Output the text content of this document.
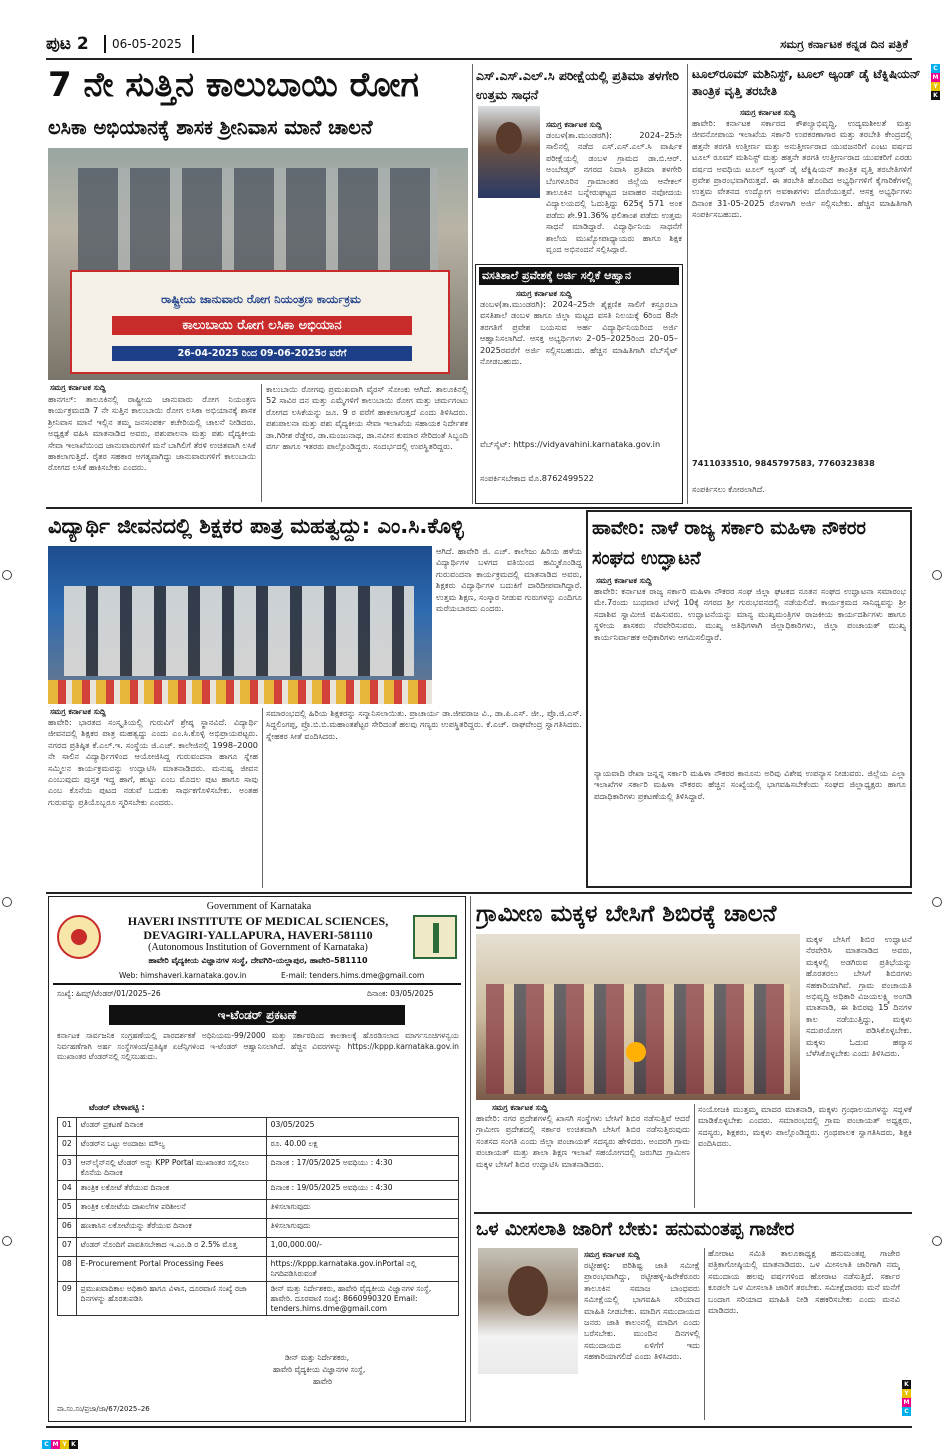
C
M
Y
K
K
Y
M
C
C M Y K
ಪುಟ 2 06-05-2025	ಸಮಗ್ರ ಕರ್ನಾಟಕ ಕನ್ನಡ ದಿನ ಪತ್ರಿಕೆ
7 ನೇ ಸುತ್ತಿನ ಕಾಲುಬಾಯಿ ರೋಗ
ಲಸಿಕಾ ಅಭಿಯಾನಕ್ಕೆ ಶಾಸಕ ಶ್ರೀನಿವಾಸ ಮಾನೆ ಚಾಲನೆ
ರಾಷ್ಟ್ರೀಯ ಜಾನುವಾರು ರೋಗ ನಿಯಂತ್ರಣ ಕಾರ್ಯಕ್ರಮ
ಕಾಲುಬಾಯಿ ರೋಗ ಲಸಿಕಾ ಅಭಿಯಾನ
26-04-2025 ರಿಂದ 09-06-2025ರ ವರೆಗೆ
ಸಮಗ್ರ ಕರ್ನಾಟಕ ಸುದ್ದಿ
ಹಾನಗಲ್: ತಾಲೂಕಿನಲ್ಲಿ ರಾಷ್ಟ್ರೀಯ ಜಾನುವಾರು ರೋಗ ನಿಯಂತ್ರಣ ಕಾರ್ಯಕ್ರಮದಡಿ 7 ನೇ ಸುತ್ತಿನ ಕಾಲುಬಾಯಿ ರೋಗ ಲಸಿಕಾ ಅಭಿಯಾನಕ್ಕೆ ಶಾಸಕ ಶ್ರೀನಿವಾಸ ಮಾನೆ ಇಲ್ಲಿನ ತಮ್ಮ ಜನಸಂಪರ್ಕ ಕಚೇರಿಯಲ್ಲಿ ಚಾಲನೆ ನೀಡಿದರು. ಅಧ್ಯಕ್ಷತೆ ವಹಿಸಿ ಮಾತನಾಡಿದ ಅವರು, ಪಶುಪಾಲನಾ ಮತ್ತು ಪಶು ವೈದ್ಯಕೀಯ ಸೇವಾ ಇಲಾಖೆಯಿಂದ ಜಾನುವಾರುಗಳಿಗೆ ಮನೆ ಬಾಗಿಲಿಗೆ ತೆರಳಿ ಉಚಿತವಾಗಿ ಲಸಿಕೆ ಹಾಕಲಾಗುತ್ತಿದೆ. ರೈತರ ಸಹಕಾರ ಅಗತ್ಯವಾಗಿದ್ದು ಜಾನುವಾರುಗಳಿಗೆ ಕಾಲುಬಾಯಿ ರೋಗದ ಲಸಿಕೆ ಹಾಕಿಸಬೇಕು ಎಂದರು.
ಕಾಲುಬಾಯಿ ರೋಗವು ಪ್ರಮುಖವಾಗಿ ವೈರಸ್ ಸೋಂಕು ಆಗಿದೆ. ತಾಲೂಕಿನಲ್ಲಿ 52 ಸಾವಿರ ದನ ಮತ್ತು ಎಮ್ಮೆಗಳಿಗೆ ಕಾಲುಬಾಯಿ ರೋಗ ಮತ್ತು ಚರ್ಮಗಂಟು ರೋಗದ ಲಸಿಕೆಯನ್ನು ಜೂ. 9 ರ ವರೆಗೆ ಹಾಕಲಾಗುತ್ತದೆ ಎಂದು ತಿಳಿಸಿದರು. ಪಶುಪಾಲನಾ ಮತ್ತು ಪಶು ವೈದ್ಯಕೀಯ ಸೇವಾ ಇಲಾಖೆಯ ಸಹಾಯಕ ನಿರ್ದೇಶಕ ಡಾ.ಗಿರೀಶ ರೆಡ್ಡೇರ, ಡಾ.ಮಂಜುನಾಥ, ಡಾ.ನವೀನ ಕುಮಾರ ಸೇರಿದಂತೆ ಸಿಬ್ಬಂದಿ ವರ್ಗ ಹಾಗೂ ಇತರರು ಪಾಲ್ಗೊಂಡಿದ್ದರು. ಸಂದರ್ಭದಲ್ಲಿ ಉಪಸ್ಥಿತರಿದ್ದರು.
ಎಸ್.ಎಸ್.ಎಲ್.ಸಿ ಪರೀಕ್ಷೆಯಲ್ಲಿ ಪ್ರತಿಮಾ ತಳಗೇರಿ ಉತ್ತಮ ಸಾಧನೆ
ಸಮಗ್ರ ಕರ್ನಾಟಕ ಸುದ್ದಿ
ಡಂಬಳ(ತಾ.ಮುಂಡರಗಿ): 2024–25ನೇ ಸಾಲಿನಲ್ಲಿ ನಡೆದ ಎಸ್.ಎಸ್.ಎಲ್.ಸಿ ವಾರ್ಷಿಕ ಪರೀಕ್ಷೆಯಲ್ಲಿ ಡಂಬಳ ಗ್ರಾಮದ ಡಾ.ಬಿ.ಆರ್. ಅಂಬೇಡ್ಕರ್ ನಗರದ ನಿವಾಸಿ ಪ್ರತಿಮಾ ತಳಗೇರಿ ಬೆಂಗಳೂರಿನ ಗ್ರಾಮಾಂತರ ಜಿಲ್ಲೆಯ ಆನೇಕಲ್ ತಾಲೂಕಿನ ಬನ್ನೇರುಘಟ್ಟದ ಜವಾಹರ ನವೋದಯ ವಿದ್ಯಾಲಯದಲ್ಲಿ ಓದುತ್ತಿದ್ದು 625ಕ್ಕೆ 571 ಅಂಕ ಪಡೆದು ಶೇ.91.36% ಫಲಿತಾಂಶ ಪಡೆದು ಉತ್ತಮ ಸಾಧನೆ ಮಾಡಿದ್ದಾರೆ. ವಿದ್ಯಾರ್ಥಿನಿಯ ಸಾಧನೆಗೆ ಶಾಲೆಯ ಮುಖ್ಯೋಪಾಧ್ಯಾಯರು ಹಾಗೂ ಶಿಕ್ಷಕ ವೃಂದ ಅಭಿನಂದನೆ ಸಲ್ಲಿಸಿದ್ದಾರೆ.
ವಸತಿಶಾಲೆ ಪ್ರವೇಶಕ್ಕೆ ಅರ್ಜಿ ಸಲ್ಲಿಕೆ ಆಹ್ವಾನ
ಸಮಗ್ರ ಕರ್ನಾಟಕ ಸುದ್ದಿ
ಡಂಬಳ(ತಾ.ಮುಂಡರಗಿ): 2024–25ನೇ ಶೈಕ್ಷಣಿಕ ಸಾಲಿಗೆ ಕಸ್ತೂರಬಾ ವಸತಿಶಾಲೆ ಡಂಬಳ ಹಾಗೂ ಜಿಲ್ಲಾ ಮಟ್ಟದ ವಸತಿ ನಿಲಯಕ್ಕೆ 6ರಿಂದ 8ನೇ ತರಗತಿಗೆ ಪ್ರವೇಶ ಬಯಸುವ ಅರ್ಹ ವಿದ್ಯಾರ್ಥಿನಿಯರಿಂದ ಅರ್ಜಿ ಆಹ್ವಾನಿಸಲಾಗಿದೆ. ಆಸಕ್ತ ಅಭ್ಯರ್ಥಿಗಳು 2–05–2025ರಿಂದ 20–05–2025ರವರೆಗೆ ಅರ್ಜಿ ಸಲ್ಲಿಸಬಹುದು. ಹೆಚ್ಚಿನ ಮಾಹಿತಿಗಾಗಿ ವೆಬ್‌ಸೈಟ್ ನೋಡಬಹುದು.
ವೆಬ್‌ಸೈಟ್: https://vidyavahini.karnataka.gov.in
ಸಂಪರ್ಕಿಸಬೇಕಾದ ಮೊ.8762499522
ಟೂಲ್‌ರೂಮ್ ಮಶಿನಿಸ್ಟ್, ಟೂಲ್ ಅ್ಯಂಡ್ ಡೈ ಟೆಕ್ನಿಷಿಯನ್ ತಾಂತ್ರಿಕ ವೃತ್ತಿ ತರಬೇತಿ
ಸಮಗ್ರ ಕರ್ನಾಟಕ ಸುದ್ದಿ
ಹಾವೇರಿ: ಕರ್ನಾಟಕ ಸರ್ಕಾರದ ಕೌಶಲ್ಯಾಭಿವೃದ್ಧಿ, ಉದ್ಯಮಶೀಲತೆ ಮತ್ತು ಜೀವನೋಪಾಯ ಇಲಾಖೆಯ ಸರ್ಕಾರಿ ಉಪಕರಣಾಗಾರ ಮತ್ತು ತರಬೇತಿ ಕೇಂದ್ರದಲ್ಲಿ ಹತ್ತನೇ ತರಗತಿ ಉತ್ತೀರ್ಣ ಮತ್ತು ಅನುತ್ತೀರ್ಣರಾದ ಯುವಜನರಿಗೆ ಎಂಟು ವರ್ಷದ ಟೂಲ್ ರೂಮ್ ಮಶಿನಿಸ್ಟ್ ಮತ್ತು ಹತ್ತನೇ ತರಗತಿ ಉತ್ತೀರ್ಣರಾದ ಯುವಕರಿಗೆ ಎರಡು ವರ್ಷದ ಅವಧಿಯ ಟೂಲ್ ಆ್ಯಂಡ್ ಡೈ ಟೆಕ್ನಿಷಿಯನ್ ತಾಂತ್ರಿಕ ವೃತ್ತಿ ತರಬೇತಿಗಳಿಗೆ ಪ್ರವೇಶ ಪ್ರಾರಂಭವಾಗಿರುತ್ತದೆ. ಈ ತರಬೇತಿ ಹೊಂದಿದ ಅಭ್ಯರ್ಥಿಗಳಿಗೆ ಕೈಗಾರಿಕೆಗಳಲ್ಲಿ ಉತ್ತಮ ವೇತನದ ಉದ್ಯೋಗ ಅವಕಾಶಗಳು ದೊರೆಯುತ್ತವೆ. ಆಸಕ್ತ ಅಭ್ಯರ್ಥಿಗಳು ದಿನಾಂಕ 31-05-2025 ರೊಳಗಾಗಿ ಅರ್ಜಿ ಸಲ್ಲಿಸಬೇಕು. ಹೆಚ್ಚಿನ ಮಾಹಿತಿಗಾಗಿ ಸಂಪರ್ಕಿಸಬಹುದು.
7411033510, 9845797583, 7760323838
ಸಂಪರ್ಕಿಸಲು ಕೋರಲಾಗಿದೆ.
ವಿದ್ಯಾರ್ಥಿ ಜೀವನದಲ್ಲಿ ಶಿಕ್ಷಕರ ಪಾತ್ರ ಮಹತ್ವದ್ದು: ಎಂ.ಸಿ.ಕೊಳ್ಳಿ
ಆಗಿದೆ. ಹಾವೇರಿ ಜಿ. ಎಚ್. ಕಾಲೇಜು ಹಿರಿಯ ಹಳೆಯ ವಿದ್ಯಾರ್ಥಿಗಳ ಬಳಗದ ವತಿಯಿಂದ ಹಮ್ಮಿಕೊಂಡಿದ್ದ ಗುರುವಂದನಾ ಕಾರ್ಯಕ್ರಮದಲ್ಲಿ ಮಾತನಾಡಿದ ಅವರು, ಶಿಕ್ಷಕರು ವಿದ್ಯಾರ್ಥಿಗಳ ಬದುಕಿಗೆ ದಾರಿದೀಪವಾಗಿದ್ದಾರೆ. ಉತ್ತಮ ಶಿಕ್ಷಣ, ಸಂಸ್ಕಾರ ನೀಡುವ ಗುರುಗಳನ್ನು ಎಂದಿಗೂ ಮರೆಯಬಾರದು ಎಂದರು.
ಸಮಗ್ರ ಕರ್ನಾಟಕ ಸುದ್ದಿ
ಹಾವೇರಿ: ಭಾರತದ ಸಂಸ್ಕೃತಿಯಲ್ಲಿ ಗುರುವಿಗೆ ಶ್ರೇಷ್ಠ ಸ್ಥಾನವಿದೆ. ವಿದ್ಯಾರ್ಥಿ ಜೀವನದಲ್ಲಿ ಶಿಕ್ಷಕರ ಪಾತ್ರ ಮಹತ್ವದ್ದು ಎಂದು ಎಂ.ಸಿ.ಕೊಳ್ಳಿ ಅಭಿಪ್ರಾಯಪಟ್ಟರು. ನಗರದ ಪ್ರತಿಷ್ಠಿತ ಕೆ.ಎಲ್.ಇ. ಸಂಸ್ಥೆಯ ಜಿ.ಎಚ್. ಕಾಲೇಜಿನಲ್ಲಿ 1998–2000 ನೇ ಸಾಲಿನ ವಿದ್ಯಾರ್ಥಿಗಳಿಂದ ಆಯೋಜಿಸಿದ್ದ ಗುರುವಂದನಾ ಹಾಗೂ ಸ್ನೇಹ ಸಮ್ಮಿಲನ ಕಾರ್ಯಕ್ರಮವನ್ನು ಉದ್ಘಾಟಿಸಿ ಮಾತನಾಡಿದರು. ಮನುಷ್ಯ ಜೀವನ ಎಂಬುವುದು ಪುಸ್ತಕ ಇದ್ದ ಹಾಗೆ, ಹುಟ್ಟು ಎಂಬ ಮೊದಲ ಪುಟ ಹಾಗೂ ಸಾವು ಎಂಬ ಕೊನೆಯ ಪುಟದ ನಡುವೆ ಬದುಕು ಸಾರ್ಥಕಗೊಳಿಸಬೇಕು. ಅಂತಹ ಗುರುವನ್ನು ಪ್ರತಿಯೊಬ್ಬರೂ ಸ್ಮರಿಸಬೇಕು ಎಂದರು.
ಸಮಾರಂಭದಲ್ಲಿ ಹಿರಿಯ ಶಿಕ್ಷಕರನ್ನು ಸನ್ಮಾನಿಸಲಾಯಿತು. ಪ್ರಾಚಾರ್ಯ ಡಾ.ಜೀವರಾಜ ವಿ., ಡಾ.ಪಿ.ಎಸ್. ಜೀ., ಪ್ರೊ.ಜಿ.ಎಸ್. ಸಿದ್ದಲಿಂಗಪ್ಪ, ಪ್ರೊ.ಬಿ.ಬಿ.ಮಹಾಂತಶೆಟ್ಟರ ಸೇರಿದಂತೆ ಹಲವು ಗಣ್ಯರು ಉಪಸ್ಥಿತರಿದ್ದರು. ಕೆ.ಎಚ್. ರಾಘವೇಂದ್ರ ಸ್ವಾಗತಿಸಿದರು. ಸ್ನೇಹಕರ ಸೀತೆ ವಂದಿಸಿದರು.
ಹಾವೇರಿ: ನಾಳೆ ರಾಜ್ಯ ಸರ್ಕಾರಿ ಮಹಿಳಾ ನೌಕರರ ಸಂಘದ ಉದ್ಘಾಟನೆ
ಸಮಗ್ರ ಕರ್ನಾಟಕ ಸುದ್ದಿ
ಹಾವೇರಿ: ಕರ್ನಾಟಕ ರಾಜ್ಯ ಸರ್ಕಾರಿ ಮಹಿಳಾ ನೌಕರರ ಸಂಘ ಜಿಲ್ಲಾ ಘಟಕದ ನೂತನ ಸಂಘದ ಉದ್ಘಾಟನಾ ಸಮಾರಂಭ ಮೇ.7ರಂದು ಬುಧವಾರ ಬೆಳಗ್ಗೆ 10ಕ್ಕೆ ನಗರದ ಶ್ರೀ ಗುರುಭವನದಲ್ಲಿ ನಡೆಯಲಿದೆ. ಕಾರ್ಯಕ್ರಮದ ಸಾನಿಧ್ಯವನ್ನು ಶ್ರೀ ಸದಾಶಿವ ಸ್ವಾಮೀಜಿ ವಹಿಸುವರು. ಉದ್ಘಾಟನೆಯನ್ನು ಮಾನ್ಯ ಮುಖ್ಯಮಂತ್ರಿಗಳ ರಾಜಕೀಯ ಕಾರ್ಯದರ್ಶಿಗಳು ಹಾಗೂ ಸ್ಥಳೀಯ ಶಾಸಕರು ನೆರವೇರಿಸುವರು. ಮುಖ್ಯ ಅತಿಥಿಗಳಾಗಿ ಜಿಲ್ಲಾಧಿಕಾರಿಗಳು, ಜಿಲ್ಲಾ ಪಂಚಾಯತ್ ಮುಖ್ಯ ಕಾರ್ಯನಿರ್ವಾಹಕ ಅಧಿಕಾರಿಗಳು ಆಗಮಿಸಲಿದ್ದಾರೆ.
ನ್ಯಾಯವಾದಿ ರೇಖಾ ಜನ್ನನ್ನ ಸರ್ಕಾರಿ ಮಹಿಳಾ ನೌಕರರ ಕಾನೂನು ಅರಿವು ವಿಶೇಷ ಉಪನ್ಯಾಸ ನೀಡುವರು. ಜಿಲ್ಲೆಯ ಎಲ್ಲಾ ಇಲಾಖೆಗಳ ಸರ್ಕಾರಿ ಮಹಿಳಾ ನೌಕರರು ಹೆಚ್ಚಿನ ಸಂಖ್ಯೆಯಲ್ಲಿ ಭಾಗವಹಿಸಬೇಕೆಂದು ಸಂಘದ ಜಿಲ್ಲಾಧ್ಯಕ್ಷರು ಹಾಗೂ ಪದಾಧಿಕಾರಿಗಳು ಪ್ರಕಟಣೆಯಲ್ಲಿ ತಿಳಿಸಿದ್ದಾರೆ.
Government of Karnataka
HAVERI INSTITUTE OF MEDICAL SCIENCES,
DEVAGIRI-YALLAPURA, HAVERI-581110
(Autonomous Institution of Government of Karnataka)
ಹಾವೇರಿ ವೈದ್ಯಕೀಯ ವಿಜ್ಞಾನಗಳ ಸಂಸ್ಥೆ, ದೇವಗಿರಿ-ಯಲ್ಲಾಪುರ, ಹಾವೇರಿ–581110
Web: himshaveri.karnataka.gov.in	E-mail: tenders.hims.dme@gmail.com
ಸಂಖ್ಯೆ: ಹಿಮ್ಸ್/ಟೆಂಡರ್/01/2025–26	ದಿನಾಂಕ: 03/05/2025
ಇ-ಟೆಂಡರ್ ಪ್ರಕಟಣೆ
ಕರ್ನಾಟಕ ಸಾರ್ವಜನಿಕ ಸಂಗ್ರಹಣೆಯಲ್ಲಿ ಪಾರದರ್ಶಕತೆ ಅಧಿನಿಯಮ-99/2000 ಮತ್ತು ಸರ್ಕಾರದಿಂದ ಕಾಲಕಾಲಕ್ಕೆ ಹೊರಡಿಸಲಾದ ಮಾರ್ಗಸೂಚಿಗಳನ್ವಯ ನಿರ್ವಹಣೆಗಾಗಿ ಅರ್ಹ ಸಂಸ್ಥೆಗಳಿಂದ/ಪ್ರತಿಷ್ಠಿತ ಏಜೆನ್ಸಿಗಳಿಂದ ಇ-ಟೆಂಡರ್ ಆಹ್ವಾನಿಸಲಾಗಿದೆ. ಹೆಚ್ಚಿನ ವಿವರಗಳನ್ನು https://kppp.karnataka.gov.in ಮುಖಾಂತರ ಟೆಂಡರ್‌ನಲ್ಲಿ ಸಲ್ಲಿಸಬಹುದು.
ಟೆಂಡರ್ ವೇಳಾಪಟ್ಟಿ :
01	ಟೆಂಡರ್ ಪ್ರಕಟಣೆ ದಿನಾಂಕ	03/05/2025
02	ಟೆಂಡರ್‌ನ ಒಟ್ಟು ಅಂದಾಜು ಮೌಲ್ಯ	ರೂ. 40.00 ಲಕ್ಷ
03	ಆನ್‌ಲೈನ್‌ನಲ್ಲಿ ಟೆಂಡರ್ ಅನ್ನು KPP Portal ಮುಖಾಂತರ ಸಲ್ಲಿಸಲು ಕೊನೆಯ ದಿನಾಂಕ	ದಿನಾಂಕ : 17/05/2025 ಅವಧಿಯು : 4:30
04	ತಾಂತ್ರಿಕ ಲಕೋಟೆ ತೆರೆಯುವ ದಿನಾಂಕ	ದಿನಾಂಕ : 19/05/2025 ಅವಧಿಯು : 4:30
05	ತಾಂತ್ರಿಕ ಲಕೋಟೆಯ ದಾಖಲೆಗಳ ಪರಿಶೀಲನೆ	ತಿಳಿಸಲಾಗುವುದು
06	ಹಣಕಾಸಿನ ಲಕೋಟೆಯನ್ನು ತೆರೆಯುವ ದಿನಾಂಕ	ತಿಳಿಸಲಾಗುವುದು
07	ಟೆಂಡರ್ ನೊಂದಿಗೆ ಪಾವತಿಸಬೇಕಾದ ಇ.ಎಂ.ಡಿ ರ 2.5% ಮೊತ್ತ	1,00,000.00/-
08	E-Procurement Portal Processing Fees	https://kppp.karnataka.gov.inPortal ನಲ್ಲಿ ನಿಗದಿಪಡಿಸಿರುವಂತೆ
09	ಪ್ರಮುಖವಾದಿಕಾಲ ಅಧಿಕಾರಿ ಹಾಗೂ ವಿಳಾಸ, ದೂರವಾಣಿ ಸಂಖ್ಯೆ ರಜಾ ದಿನಗಳನ್ನು ಹೊರತುಪಡಿಸಿ	ಡೀನ್ ಮತ್ತು ನಿರ್ದೇಶಕರು, ಹಾವೇರಿ ವೈದ್ಯಕೀಯ ವಿಜ್ಞಾನಗಳ ಸಂಸ್ಥೆ, ಹಾವೇರಿ. ದೂರವಾಣಿ ಸಂಖ್ಯೆ: 8660990320 Email: tenders.hims.dme@gmail.com
ಡೀನ್ ಮತ್ತು ನಿರ್ದೇಶಕರು,
ಹಾವೇರಿ ವೈದ್ಯಕೀಯ ವಿಜ್ಞಾನಗಳ ಸಂಸ್ಥೆ,
ಹಾವೇರಿ
ವಾ.ಸಂ.ಸಂ/ಪ್ರಜಾ/ಜಾ/67/2025–26
ಗ್ರಾಮೀಣ ಮಕ್ಕಳ ಬೇಸಿಗೆ ಶಿಬಿರಕ್ಕೆ ಚಾಲನೆ
ಮಕ್ಕಳ ಬೇಸಿಗೆ ಶಿಬಿರ ಉದ್ಘಾಟನೆ ನೆರವೇರಿಸಿ ಮಾತನಾಡಿದ ಅವರು, ಮಕ್ಕಳಲ್ಲಿ ಅಡಗಿರುವ ಪ್ರತಿಭೆಯನ್ನು ಹೊರತರಲು ಬೇಸಿಗೆ ಶಿಬಿರಗಳು ಸಹಕಾರಿಯಾಗಿವೆ. ಗ್ರಾಮ ಪಂಚಾಯತಿ ಅಭಿವೃದ್ಧಿ ಅಧಿಕಾರಿ ವಿಜಯಲಕ್ಷ್ಮಿ ಅಂಗಡಿ ಮಾತನಾಡಿ, ಈ ಶಿಬಿರವು 15 ದಿನಗಳ ಕಾಲ ನಡೆಯುತ್ತಿದ್ದು, ಮಕ್ಕಳು ಸದುಪಯೋಗ ಪಡಿಸಿಕೊಳ್ಳಬೇಕು. ಮಕ್ಕಳು ಓದುವ ಹವ್ಯಾಸ ಬೆಳೆಸಿಕೊಳ್ಳಬೇಕು ಎಂದು ತಿಳಿಸಿದರು.
ಸಮಗ್ರ ಕರ್ನಾಟಕ ಸುದ್ದಿ
ಹಾವೇರಿ: ನಗರ ಪ್ರದೇಶಗಳಲ್ಲಿ ಖಾಸಗಿ ಸಂಸ್ಥೆಗಳು ಬೇಸಿಗೆ ಶಿಬಿರ ನಡೆಸುತ್ತಿವೆ ಆದರೆ ಗ್ರಾಮೀಣ ಪ್ರದೇಶದಲ್ಲಿ ಸರ್ಕಾರ ಉಚಿತವಾಗಿ ಬೇಸಿಗೆ ಶಿಬಿರ ನಡೆಸುತ್ತಿರುವುದು ಸಂತಸದ ಸಂಗತಿ ಎಂದು ಜಿಲ್ಲಾ ಪಂಚಾಯತ್ ಸದಸ್ಯರು ಹೇಳಿದರು. ಅಂದರಗಿ ಗ್ರಾಮ ಪಂಚಾಯತ್ ಮತ್ತು ಶಾಲಾ ಶಿಕ್ಷಣ ಇಲಾಖೆ ಸಹಯೋಗದಲ್ಲಿ ಜರುಗಿದ ಗ್ರಾಮೀಣ ಮಕ್ಕಳ ಬೇಸಿಗೆ ಶಿಬಿರ ಉದ್ಘಾಟಿಸಿ ಮಾತನಾಡಿದರು.
ಸಂಯೋಜಕಿ ಮುತ್ತಮ್ಮ ಮಾದರ ಮಾತನಾಡಿ, ಮಕ್ಕಳು ಗ್ರಂಥಾಲಯಗಳನ್ನು ಸದ್ಬಳಕೆ ಮಾಡಿಕೊಳ್ಳಬೇಕು ಎಂದರು. ಸಮಾರಂಭದಲ್ಲಿ ಗ್ರಾಮ ಪಂಚಾಯತ್ ಅಧ್ಯಕ್ಷರು, ಸದಸ್ಯರು, ಶಿಕ್ಷಕರು, ಮಕ್ಕಳು ಪಾಲ್ಗೊಂಡಿದ್ದರು. ಗ್ರಂಥಪಾಲಕ ಸ್ವಾಗತಿಸಿದರು, ಶಿಕ್ಷಕಿ ವಂದಿಸಿದರು.
ಒಳ ಮೀಸಲಾತಿ ಜಾರಿಗೆ ಬೇಕು: ಹನುಮಂತಪ್ಪ ಗಾಜೇರ
ಸಮಗ್ರ ಕರ್ನಾಟಕ ಸುದ್ದಿ
ರಟ್ಟೀಹಳ್ಳಿ: ಪರಿಶಿಷ್ಟ ಜಾತಿ ಸಮೀಕ್ಷೆ ಪ್ರಾರಂಭವಾಗಿದ್ದು, ರಟ್ಟೀಹಳ್ಳಿ-ಹಿರೇಕೆರೂರು ತಾಲೂಕಿನ ಸಮಾಜ ಬಾಂಧವರು ಸಮೀಕ್ಷೆಯಲ್ಲಿ ಭಾಗವಹಿಸಿ ಸರಿಯಾದ ಮಾಹಿತಿ ನೀಡಬೇಕು. ಮಾದಿಗ ಸಮುದಾಯದ ಜನರು ಜಾತಿ ಕಾಲಂನಲ್ಲಿ ಮಾದಿಗ ಎಂದು ಬರೆಸಬೇಕು. ಮುಂದಿನ ದಿನಗಳಲ್ಲಿ ಸಮುದಾಯದ ಏಳಿಗೆಗೆ ಇದು ಸಹಕಾರಿಯಾಗಲಿದೆ ಎಂದು ತಿಳಿಸಿದರು.
ಹೋರಾಟ ಸಮಿತಿ ತಾಲೂಕಾಧ್ಯಕ್ಷ ಹನುಮಂತಪ್ಪ ಗಾಜೇರ ಪತ್ರಿಕಾಗೋಷ್ಠಿಯಲ್ಲಿ ಮಾತನಾಡಿದರು. ಒಳ ಮೀಸಲಾತಿ ಜಾರಿಗಾಗಿ ನಮ್ಮ ಸಮುದಾಯ ಹಲವು ವರ್ಷಗಳಿಂದ ಹೋರಾಟ ನಡೆಸುತ್ತಿದೆ. ಸರ್ಕಾರ ಕೂಡಲೇ ಒಳ ಮೀಸಲಾತಿ ಜಾರಿಗೆ ತರಬೇಕು. ಸಮೀಕ್ಷೆದಾರರು ಮನೆ ಮನೆಗೆ ಬಂದಾಗ ಸರಿಯಾದ ಮಾಹಿತಿ ನೀಡಿ ಸಹಕರಿಸಬೇಕು ಎಂದು ಮನವಿ ಮಾಡಿದರು.
